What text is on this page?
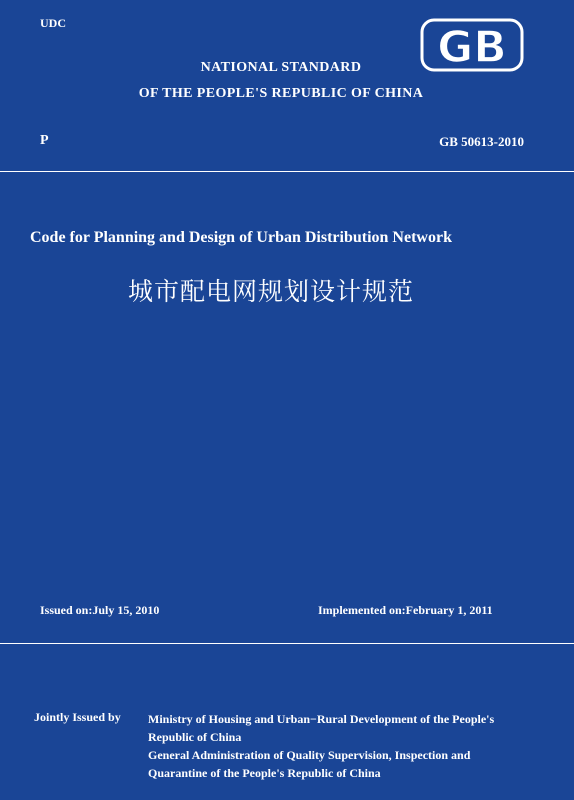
UDC	GB
NATIONAL STANDARD
OF THE PEOPLE'S REPUBLIC OF CHINA
P	GB 50613-2010
Code for Planning and Design of Urban Distribution Network
城市配电网规划设计规范
Issued on:July 15, 2010	Implemented on:February 1, 2011
Jointly Issued by Ministry of Housing and Urban−Rural Development of the People's
Republic of China
General Administration of Quality Supervision, Inspection and
Quarantine of the People's Republic of China
